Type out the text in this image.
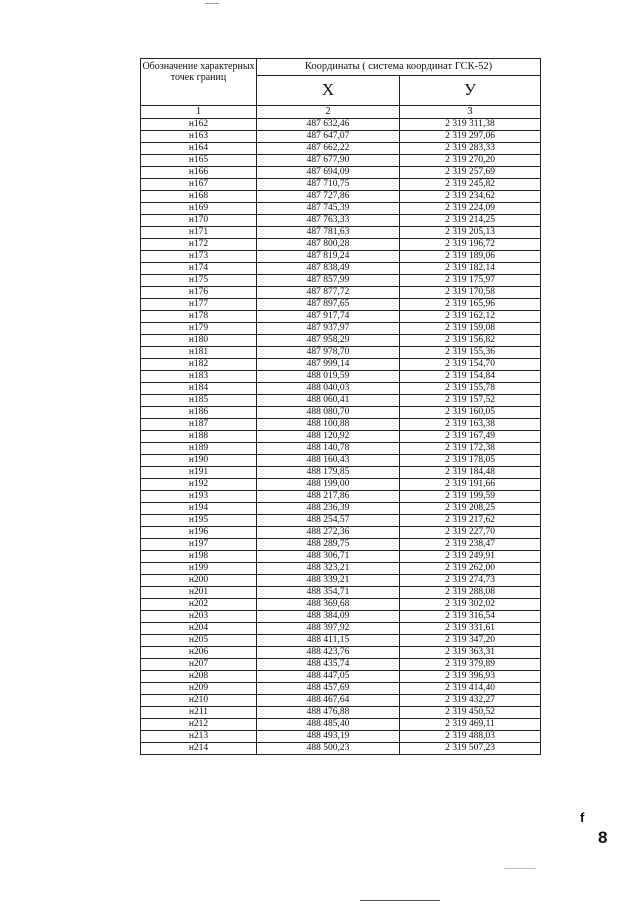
Обозначение характерных точек границ	Координаты ( система координат ГСК-52)	
	X	У
1	2	3
н162	487 632,46	2 319 311,38
н163	487 647,07	2 319 297,06
н164	487 662,22	2 319 283,33
н165	487 677,90	2 319 270,20
н166	487 694,09	2 319 257,69
н167	487 710,75	2 319 245,82
н168	487 727,86	2 319 234,62
н169	487 745,39	2 319 224,09
н170	487 763,33	2 319 214,25
н171	487 781,63	2 319 205,13
н172	487 800,28	2 319 196,72
н173	487 819,24	2 319 189,06
н174	487 838,49	2 319 182,14
н175	487 857,99	2 319 175,97
н176	487 877,72	2 319 170,58
н177	487 897,65	2 319 165,96
н178	487 917,74	2 319 162,12
н179	487 937,97	2 319 159,08
н180	487 958,29	2 319 156,82
н181	487 978,70	2 319 155,36
н182	487 999,14	2 319 154,70
н183	488 019,59	2 319 154,84
н184	488 040,03	2 319 155,78
н185	488 060,41	2 319 157,52
н186	488 080,70	2 319 160,05
н187	488 100,88	2 319 163,38
н188	488 120,92	2 319 167,49
н189	488 140,78	2 319 172,38
н190	488 160,43	2 319 178,05
н191	488 179,85	2 319 184,48
н192	488 199,00	2 319 191,66
н193	488 217,86	2 319 199,59
н194	488 236,39	2 319 208,25
н195	488 254,57	2 319 217,62
н196	488 272,36	2 319 227,70
н197	488 289,75	2 319 238,47
н198	488 306,71	2 319 249,91
н199	488 323,21	2 319 262,00
н200	488 339,21	2 319 274,73
н201	488 354,71	2 319 288,08
н202	488 369,68	2 319 302,02
н203	488 384,09	2 319 316,54
н204	488 397,92	2 319 331,61
н205	488 411,15	2 319 347,20
н206	488 423,76	2 319 363,31
н207	488 435,74	2 319 379,89
н208	488 447,05	2 319 396,93
н209	488 457,69	2 319 414,40
н210	488 467,64	2 319 432,27
н211	488 476,88	2 319 450,52
н212	488 485,40	2 319 469,11
н213	488 493,19	2 319 488,03
н214	488 500,23	2 319 507,23
f
8
